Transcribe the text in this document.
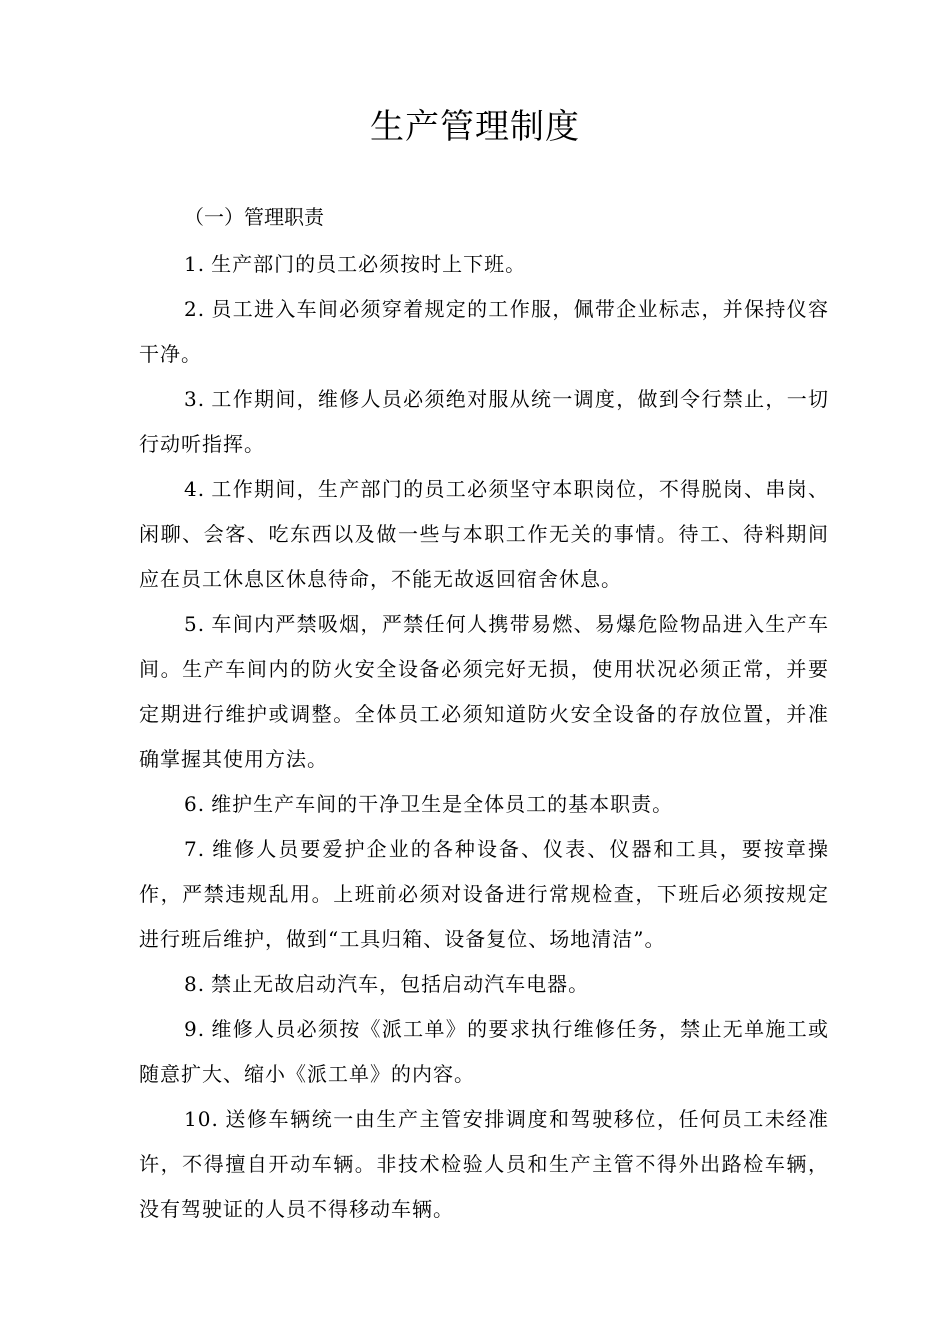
生产管理制度
（一）管理职责

1. 生产部门的员工必须按时上下班。

2. 员工进入车间必须穿着规定的工作服，佩带企业标志，并保持仪容干净。

3. 工作期间，维修人员必须绝对服从统一调度，做到令行禁止，一切行动听指挥。

4. 工作期间，生产部门的员工必须坚守本职岗位，不得脱岗、串岗、闲聊、会客、吃东西以及做一些与本职工作无关的事情。待工、待料期间应在员工休息区休息待命，不能无故返回宿舍休息。

5. 车间内严禁吸烟，严禁任何人携带易燃、易爆危险物品进入生产车间。生产车间内的防火安全设备必须完好无损，使用状况必须正常，并要定期进行维护或调整。全体员工必须知道防火安全设备的存放位置，并准确掌握其使用方法。

6. 维护生产车间的干净卫生是全体员工的基本职责。

7. 维修人员要爱护企业的各种设备、仪表、仪器和工具，要按章操作，严禁违规乱用。上班前必须对设备进行常规检查，下班后必须按规定进行班后维护，做到“工具归箱、设备复位、场地清洁”。

8. 禁止无故启动汽车，包括启动汽车电器。

9. 维修人员必须按《派工单》的要求执行维修任务，禁止无单施工或随意扩大、缩小《派工单》的内容。

10. 送修车辆统一由生产主管安排调度和驾驶移位，任何员工未经准许，不得擅自开动车辆。非技术检验人员和生产主管不得外出路检车辆，没有驾驶证的人员不得移动车辆。
